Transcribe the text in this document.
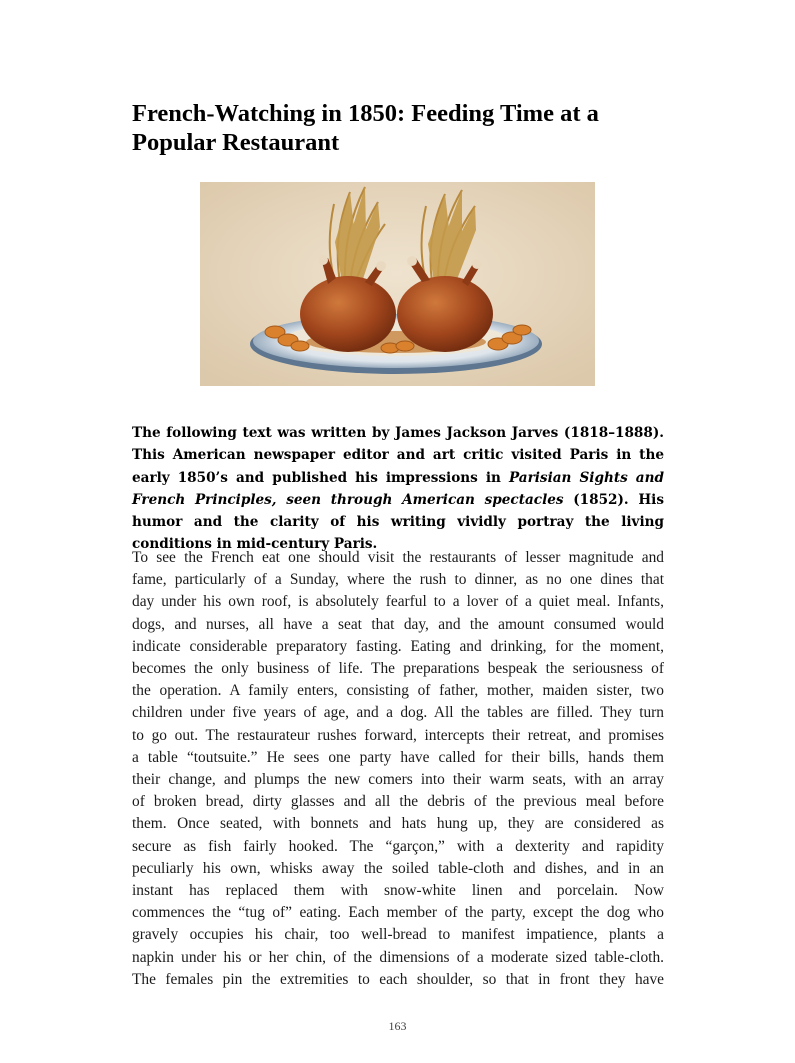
French-Watching in 1850: Feeding Time at a Popular Restaurant

The following text was written by James Jackson Jarves (1818–1888). This American newspaper editor and art critic visited Paris in the early 1850’s and published his impressions in Parisian Sights and French Principles, seen through American spectacles (1852). His humor and the clarity of his writing vividly portray the living conditions in mid-century Paris.

To see the French eat one should visit the restaurants of lesser magnitude and
fame, particularly of a Sunday, where the rush to dinner, as no one dines that
day under his own roof, is absolutely fearful to a lover of a quiet meal. Infants,
dogs, and nurses, all have a seat that day, and the amount consumed would
indicate considerable preparatory fasting. Eating and drinking, for the moment,
becomes the only business of life. The preparations bespeak the seriousness of
the operation. A family enters, consisting of father, mother, maiden sister, two
children under five years of age, and a dog. All the tables are filled. They turn
to go out. The restaurateur rushes forward, intercepts their retreat, and promises
a table “toutsuite.” He sees one party have called for their bills, hands them
their change, and plumps the new comers into their warm seats, with an array
of broken bread, dirty glasses and all the debris of the previous meal before
them. Once seated, with bonnets and hats hung up, they are considered as
secure as fish fairly hooked. The “garçon,” with a dexterity and rapidity
peculiarly his own, whisks away the soiled table-cloth and dishes, and in an
instant has replaced them with snow-white linen and porcelain. Now
commences the “tug of” eating. Each member of the party, except the dog who
gravely occupies his chair, too well-bread to manifest impatience, plants a
napkin under his or her chin, of the dimensions of a moderate sized table-cloth.
The females pin the extremities to each shoulder, so that in front they have
163
